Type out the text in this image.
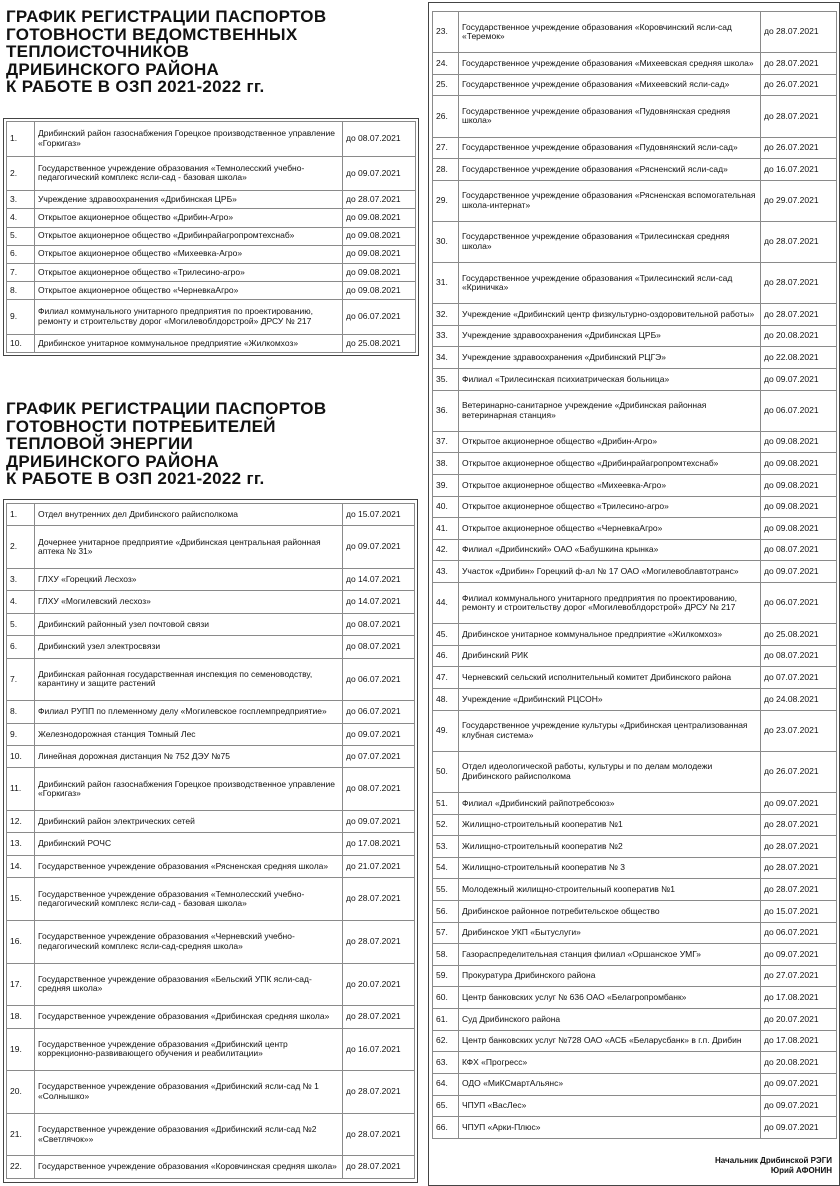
ГРАФИК РЕГИСТРАЦИИ ПАСПОРТОВ
ГОТОВНОСТИ ВЕДОМСТВЕННЫХ
ТЕПЛОИСТОЧНИКОВ
ДРИБИНСКОГО РАЙОНА
К РАБОТЕ В ОЗП 2021-2022 гг.
1.	Дрибинский район газоснабжения Горецкое производственное управление «Горкигаз»	до 08.07.2021
2.	Государственное учреждение образования «Темнолесский учебно-педагогический комплекс ясли-сад - базовая школа»	до 09.07.2021
3.	Учреждение здравоохранения «Дрибинская ЦРБ»	до 28.07.2021
4.	Открытое акционерное общество «Дрибин-Агро»	до 09.08.2021
5.	Открытое акционерное общество «Дрибинрайагропромтехснаб»	до 09.08.2021
6.	Открытое акционерное общество «Михеевка-Агро»	до 09.08.2021
7.	Открытое акционерное общество «Трилесино-агро»	до 09.08.2021
8.	Открытое акционерное общество «ЧерневкаАгро»	до 09.08.2021
9.	Филиал коммунального унитарного предприятия по проектированию, ремонту и строительству дорог «Могилевоблдорстрой» ДРСУ № 217	до 06.07.2021
10.	Дрибинское унитарное коммунальное предприятие «Жилкомхоз»	до 25.08.2021
ГРАФИК РЕГИСТРАЦИИ ПАСПОРТОВ
ГОТОВНОСТИ ПОТРЕБИТЕЛЕЙ
ТЕПЛОВОЙ ЭНЕРГИИ
ДРИБИНСКОГО РАЙОНА
К РАБОТЕ В ОЗП 2021-2022 гг.
1.	Отдел внутренних дел Дрибинского райисполкома	до 15.07.2021
2.	Дочернее унитарное предприятие «Дрибинская центральная районная аптека № 31»	до 09.07.2021
3.	ГЛХУ «Горецкий Лесхоз»	до 14.07.2021
4.	ГЛХУ «Могилевский лесхоз»	до 14.07.2021
5.	Дрибинский районный узел почтовой связи	до 08.07.2021
6.	Дрибинский узел электросвязи	до 08.07.2021
7.	Дрибинская районная государственная инспекция по семеноводству, карантину и защите растений	до 06.07.2021
8.	Филиал РУПП по племенному делу «Могилевское госплемпредприятие»	до 06.07.2021
9.	Железнодорожная станция Томный Лес	до 09.07.2021
10.	Линейная дорожная дистанция № 752 ДЭУ №75	до 07.07.2021
11.	Дрибинский район газоснабжения Горецкое производственное управление «Горкигаз»	до 08.07.2021
12.	Дрибинский район электрических сетей	до 09.07.2021
13.	Дрибинский РОЧС	до 17.08.2021
14.	Государственное учреждение образования «Рясненская средняя школа»	до 21.07.2021
15.	Государственное учреждение образования «Темнолесский учебно-педагогический комплекс ясли-сад - базовая школа»	до 28.07.2021
16.	Государственное учреждение образования «Черневский учебно-педагогический комплекс ясли-сад-средняя школа»	до 28.07.2021
17.	Государственное учреждение образования «Бельский УПК ясли-сад-средняя школа»	до 20.07.2021
18.	Государственное учреждение образования «Дрибинская средняя школа»	до 28.07.2021
19.	Государственное учреждение образования «Дрибинский центр коррекционно-развивающего обучения и реабилитации»	до 16.07.2021
20.	Государственное учреждение образования «Дрибинский ясли-сад № 1 «Солнышко»	до 28.07.2021
21.	Государственное учреждение образования «Дрибинский ясли-сад №2 «Светлячок»»	до 28.07.2021
22.	Государственное учреждение образования «Коровчинская средняя школа»	до 28.07.2021
23.	Государственное учреждение образования «Коровчинский ясли-сад «Теремок»	до 28.07.2021
24.	Государственное учреждение образования «Михеевская средняя школа»	до 28.07.2021
25.	Государственное учреждение образования «Михеевский ясли-сад»	до 26.07.2021
26.	Государственное учреждение образования «Пудовнянская средняя школа»	до 28.07.2021
27.	Государственное учреждение образования «Пудовнянский ясли-сад»	до 26.07.2021
28.	Государственное учреждение образования «Рясненский ясли-сад»	до 16.07.2021
29.	Государственное учреждение образования «Рясненская вспомогательная школа-интернат»	до 29.07.2021
30.	Государственное учреждение образования «Трилесинская средняя школа»	до 28.07.2021
31.	Государственное учреждение образования «Трилесинский ясли-сад «Криничка»	до 28.07.2021
32.	Учреждение «Дрибинский центр физкультурно-оздоровительной работы»	до 28.07.2021
33.	Учреждение здравоохранения «Дрибинская ЦРБ»	до 20.08.2021
34.	Учреждение здравоохранения «Дрибинский РЦГЭ»	до 22.08.2021
35.	Филиал «Трилесинская психиатрическая больница»	до 09.07.2021
36.	Ветеринарно-санитарное учреждение «Дрибинская районная ветеринарная станция»	до 06.07.2021
37.	Открытое акционерное общество «Дрибин-Агро»	до 09.08.2021
38.	Открытое акционерное общество «Дрибинрайагропромтехснаб»	до 09.08.2021
39.	Открытое акционерное общество «Михеевка-Агро»	до 09.08.2021
40.	Открытое акционерное общество «Трилесино-агро»	до 09.08.2021
41.	Открытое акционерное общество «ЧерневкаАгро»	до 09.08.2021
42.	Филиал «Дрибинский» ОАО «Бабушкина крынка»	до 08.07.2021
43.	Участок «Дрибин» Горецкий ф-ал № 17 ОАО «Могилевоблавтотранс»	до 09.07.2021
44.	Филиал коммунального унитарного предприятия по проектированию, ремонту и строительству дорог «Могилевоблдорстрой» ДРСУ № 217	до 06.07.2021
45.	Дрибинское унитарное коммунальное предприятие «Жилкомхоз»	до 25.08.2021
46.	Дрибинский РИК	до 08.07.2021
47.	Черневский сельский исполнительный комитет Дрибинского района	до 07.07.2021
48.	Учреждение «Дрибинский РЦСОН»	до 24.08.2021
49.	Государственное учреждение культуры «Дрибинская централизованная клубная система»	до 23.07.2021
50.	Отдел идеологической работы, культуры и по делам молодежи Дрибинского райисполкома	до 26.07.2021
51.	Филиал «Дрибинский райпотребсоюз»	до 09.07.2021
52.	Жилищно-строительный кооператив №1	до 28.07.2021
53.	Жилищно-строительный кооператив №2	до 28.07.2021
54.	Жилищно-строительный кооператив № 3	до 28.07.2021
55.	Молодежный жилищно-строительный кооператив №1	до 28.07.2021
56.	Дрибинское районное потребительское общество	до 15.07.2021
57.	Дрибинское УКП «Бытуслуги»	до 06.07.2021
58.	Газораспределительная станция филиал «Оршанское УМГ»	до 09.07.2021
59.	Прокуратура Дрибинского района	до 27.07.2021
60.	Центр банковских услуг № 636 ОАО «Белагропромбанк»	до 17.08.2021
61.	Суд Дрибинского района	до 20.07.2021
62.	Центр банковских услуг №728 ОАО «АСБ «Беларусбанк» в г.п. Дрибин	до 17.08.2021
63.	КФХ «Прогресс»	до 20.08.2021
64.	ОДО «МиКСмартАльянс»	до 09.07.2021
65.	ЧПУП «ВасЛес»	до 09.07.2021
66.	ЧПУП «Арки-Плюс»	до 09.07.2021
Начальник Дрибинской РЭГИ
Юрий АФОНИН
